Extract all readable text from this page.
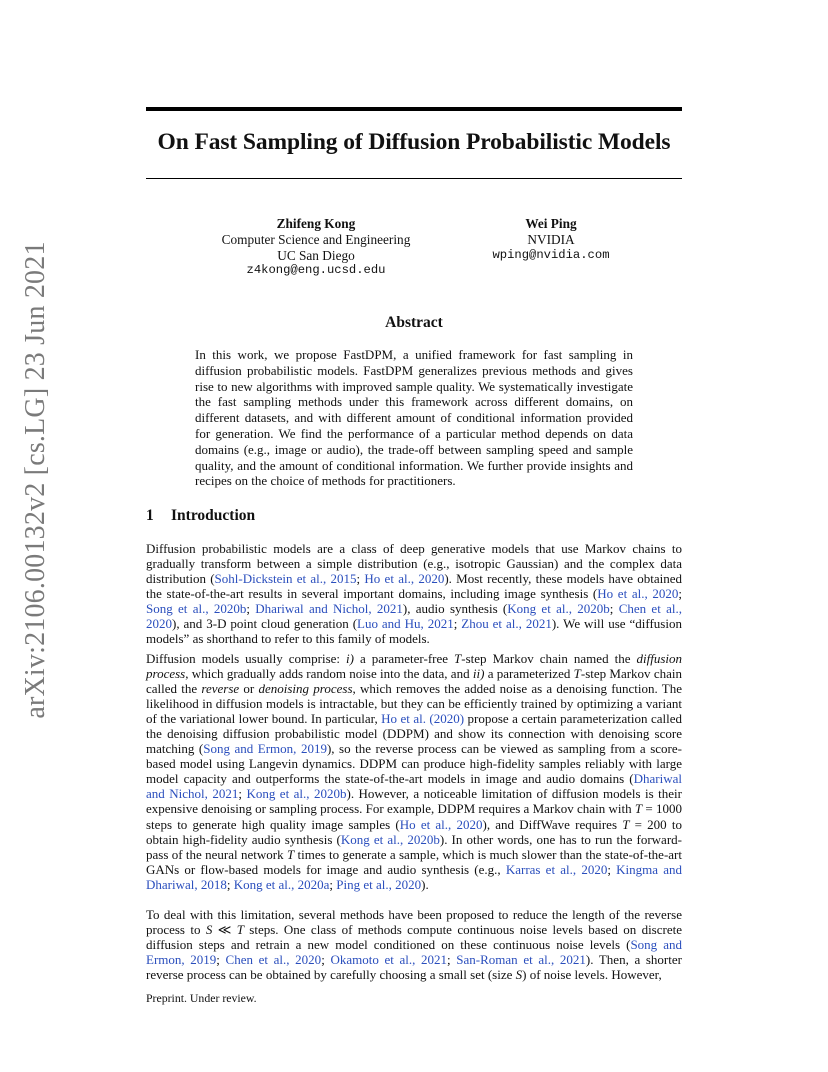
arXiv:2106.00132v2 [cs.LG] 23 Jun 2021
On Fast Sampling of Diffusion Probabilistic Models
Zhifeng Kong
Computer Science and Engineering
UC San Diego
z4kong@eng.ucsd.edu
Wei Ping
NVIDIA
wping@nvidia.com
Abstract
In this work, we propose FastDPM, a unified framework for fast sampling in diffusion probabilistic models. FastDPM generalizes previous methods and gives rise to new algorithms with improved sample quality. We systematically investigate the fast sampling methods under this framework across different domains, on different datasets, and with different amount of conditional information provided for generation. We find the performance of a particular method depends on data domains (e.g., image or audio), the trade-off between sampling speed and sample quality, and the amount of conditional information. We further provide insights and recipes on the choice of methods for practitioners.
1 Introduction
Diffusion probabilistic models are a class of deep generative models that use Markov chains to gradually transform between a simple distribution (e.g., isotropic Gaussian) and the complex data distribution (Sohl-Dickstein et al., 2015; Ho et al., 2020). Most recently, these models have obtained the state-of-the-art results in several important domains, including image synthesis (Ho et al., 2020; Song et al., 2020b; Dhariwal and Nichol, 2021), audio synthesis (Kong et al., 2020b; Chen et al., 2020), and 3-D point cloud generation (Luo and Hu, 2021; Zhou et al., 2021). We will use “diffusion models” as shorthand to refer to this family of models.
Diffusion models usually comprise: i) a parameter-free T-step Markov chain named the diffusion process, which gradually adds random noise into the data, and ii) a parameterized T-step Markov chain called the reverse or denoising process, which removes the added noise as a denoising function. The likelihood in diffusion models is intractable, but they can be efficiently trained by optimizing a variant of the variational lower bound. In particular, Ho et al. (2020) propose a certain parameterization called the denoising diffusion probabilistic model (DDPM) and show its connection with denoising score matching (Song and Ermon, 2019), so the reverse process can be viewed as sampling from a score-based model using Langevin dynamics. DDPM can produce high-fidelity samples reliably with large model capacity and outperforms the state-of-the-art models in image and audio domains (Dhariwal and Nichol, 2021; Kong et al., 2020b). However, a noticeable limitation of diffusion models is their expensive denoising or sampling process. For example, DDPM requires a Markov chain with T = 1000 steps to generate high quality image samples (Ho et al., 2020), and DiffWave requires T = 200 to obtain high-fidelity audio synthesis (Kong et al., 2020b). In other words, one has to run the forward-pass of the neural network T times to generate a sample, which is much slower than the state-of-the-art GANs or flow-based models for image and audio synthesis (e.g., Karras et al., 2020; Kingma and Dhariwal, 2018; Kong et al., 2020a; Ping et al., 2020).
To deal with this limitation, several methods have been proposed to reduce the length of the reverse process to S ≪ T steps. One class of methods compute continuous noise levels based on discrete diffusion steps and retrain a new model conditioned on these continuous noise levels (Song and Ermon, 2019; Chen et al., 2020; Okamoto et al., 2021; San-Roman et al., 2021). Then, a shorter reverse process can be obtained by carefully choosing a small set (size S) of noise levels. However,
Preprint. Under review.
